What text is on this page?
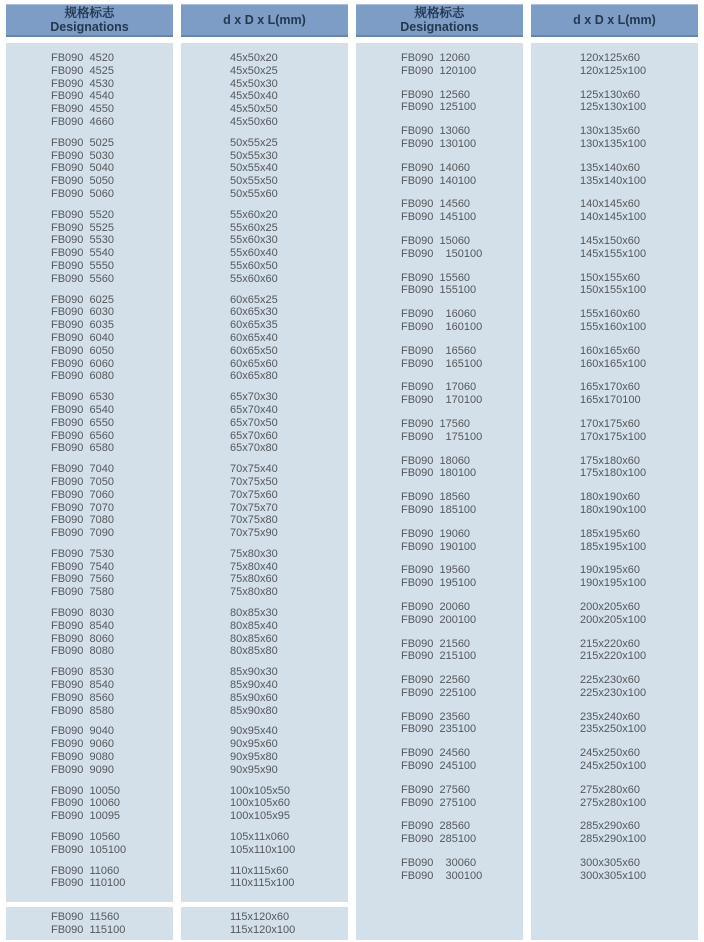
规格标志
Designations
FB090 4520
FB090 4525
FB090 4530
FB090 4540
FB090 4550
FB090 4660
FB090 5025
FB090 5030
FB090 5040
FB090 5050
FB090 5060
FB090 5520
FB090 5525
FB090 5530
FB090 5540
FB090 5550
FB090 5560
FB090 6025
FB090 6030
FB090 6035
FB090 6040
FB090 6050
FB090 6060
FB090 6080
FB090 6530
FB090 6540
FB090 6550
FB090 6560
FB090 6580
FB090 7040
FB090 7050
FB090 7060
FB090 7070
FB090 7080
FB090 7090
FB090 7530
FB090 7540
FB090 7560
FB090 7580
FB090 8030
FB090 8540
FB090 8060
FB090 8080
FB090 8530
FB090 8540
FB090 8560
FB090 8580
FB090 9040
FB090 9060
FB090 9080
FB090 9090
FB090 10050
FB090 10060
FB090 10095
FB090 10560
FB090 105100
FB090 11060
FB090 110100
FB090 11560
FB090 115100
d x D x L(mm)
45x50x20
45x50x25
45x50x30
45x50x40
45x50x50
45x50x60
50x55x25
50x55x30
50x55x40
50x55x50
50x55x60
55x60x20
55x60x25
55x60x30
55x60x40
55x60x50
55x60x60
60x65x25
60x65x30
60x65x35
60x65x40
60x65x50
60x65x60
60x65x80
65x70x30
65x70x40
65x70x50
65x70x60
65x70x80
70x75x40
70x75x50
70x75x60
70x75x70
70x75x80
70x75x90
75x80x30
75x80x40
75x80x60
75x80x80
80x85x30
80x85x40
80x85x60
80x85x80
85x90x30
85x90x40
85x90x60
85x90x80
90x95x40
90x95x60
90x95x80
90x95x90
100x105x50
100x105x60
100x105x95
105x11x060
105x110x100
110x115x60
110x115x100
115x120x60
115x120x100
规格标志
Designations
FB090 12060
FB090 120100
FB090 12560
FB090 125100
FB090 13060
FB090 130100
FB090 14060
FB090 140100
FB090 14560
FB090 145100
FB090 15060
FB090  150100
FB090 15560
FB090 155100
FB090  16060
FB090  160100
FB090  16560
FB090  165100
FB090  17060
FB090  170100
FB090 17560
FB090  175100
FB090 18060
FB090 180100
FB090 18560
FB090 185100
FB090 19060
FB090 190100
FB090 19560
FB090 195100
FB090 20060
FB090 200100
FB090 21560
FB090 215100
FB090 22560
FB090 225100
FB090 23560
FB090 235100
FB090 24560
FB090 245100
FB090 27560
FB090 275100
FB090 28560
FB090 285100
FB090  30060
FB090  300100
d x D x L(mm)
120x125x60
120x125x100
125x130x60
125x130x100
130x135x60
130x135x100
135x140x60
135x140x100
140x145x60
140x145x100
145x150x60
145x155x100
150x155x60
150x155x100
155x160x60
155x160x100
160x165x60
160x165x100
165x170x60
165x170100
170x175x60
170x175x100
175x180x60
175x180x100
180x190x60
180x190x100
185x195x60
185x195x100
190x195x60
190x195x100
200x205x60
200x205x100
215x220x60
215x220x100
225x230x60
225x230x100
235x240x60
235x250x100
245x250x60
245x250x100
275x280x60
275x280x100
285x290x60
285x290x100
300x305x60
300x305x100
